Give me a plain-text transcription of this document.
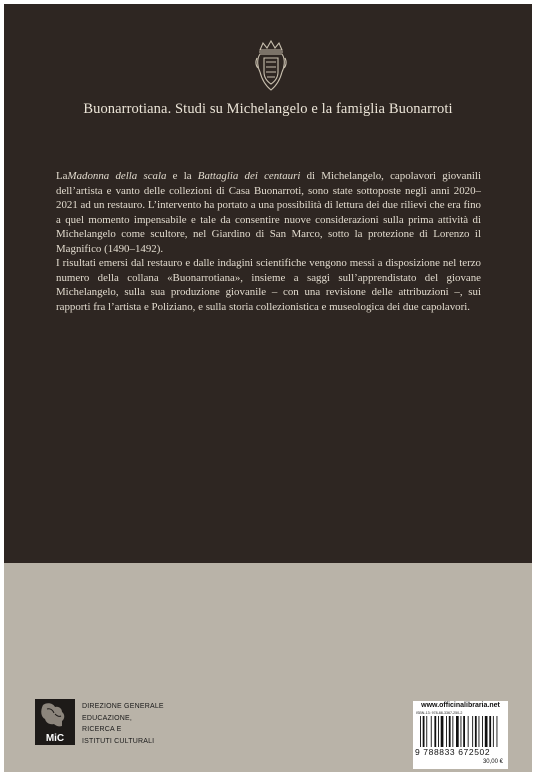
Buonarrotiana. Studi su Michelangelo e la famiglia Buonarroti

LaMadonna della scala e la Battaglia dei centauri di Michelangelo, capolavori giovanili dell’artista e vanto delle collezioni di Casa Buonarroti, sono state sottoposte negli anni 2020–2021 ad un restauro. L’intervento ha portato a una possibilità di lettura dei due rilievi che era fino a quel momento impensabile e tale da consentire nuove considerazioni sulla prima attività di Michelangelo come scultore, nel Giardino di San Marco, sotto la protezione di Lorenzo il Magnifico (1490–1492).

I risultati emersi dal restauro e dalle indagini scientifiche vengono messi a disposizione nel terzo numero della collana «Buonarrotiana», insieme a saggi sull’apprendistato del giovane Michelangelo, sulla sua produzione giovanile – con una revisione delle attribuzioni –, sui rapporti fra l’artista e Poliziano, e sulla storia collezionistica e museologica dei due capolavori.

MiC
DIREZIONE GENERALE
EDUCAZIONE,
RICERCA E
ISTITUTI CULTURALI
www.officinalibraria.net
ISBN-13: 978-88-3367-250-2
9 788833 672502
30,00 €
